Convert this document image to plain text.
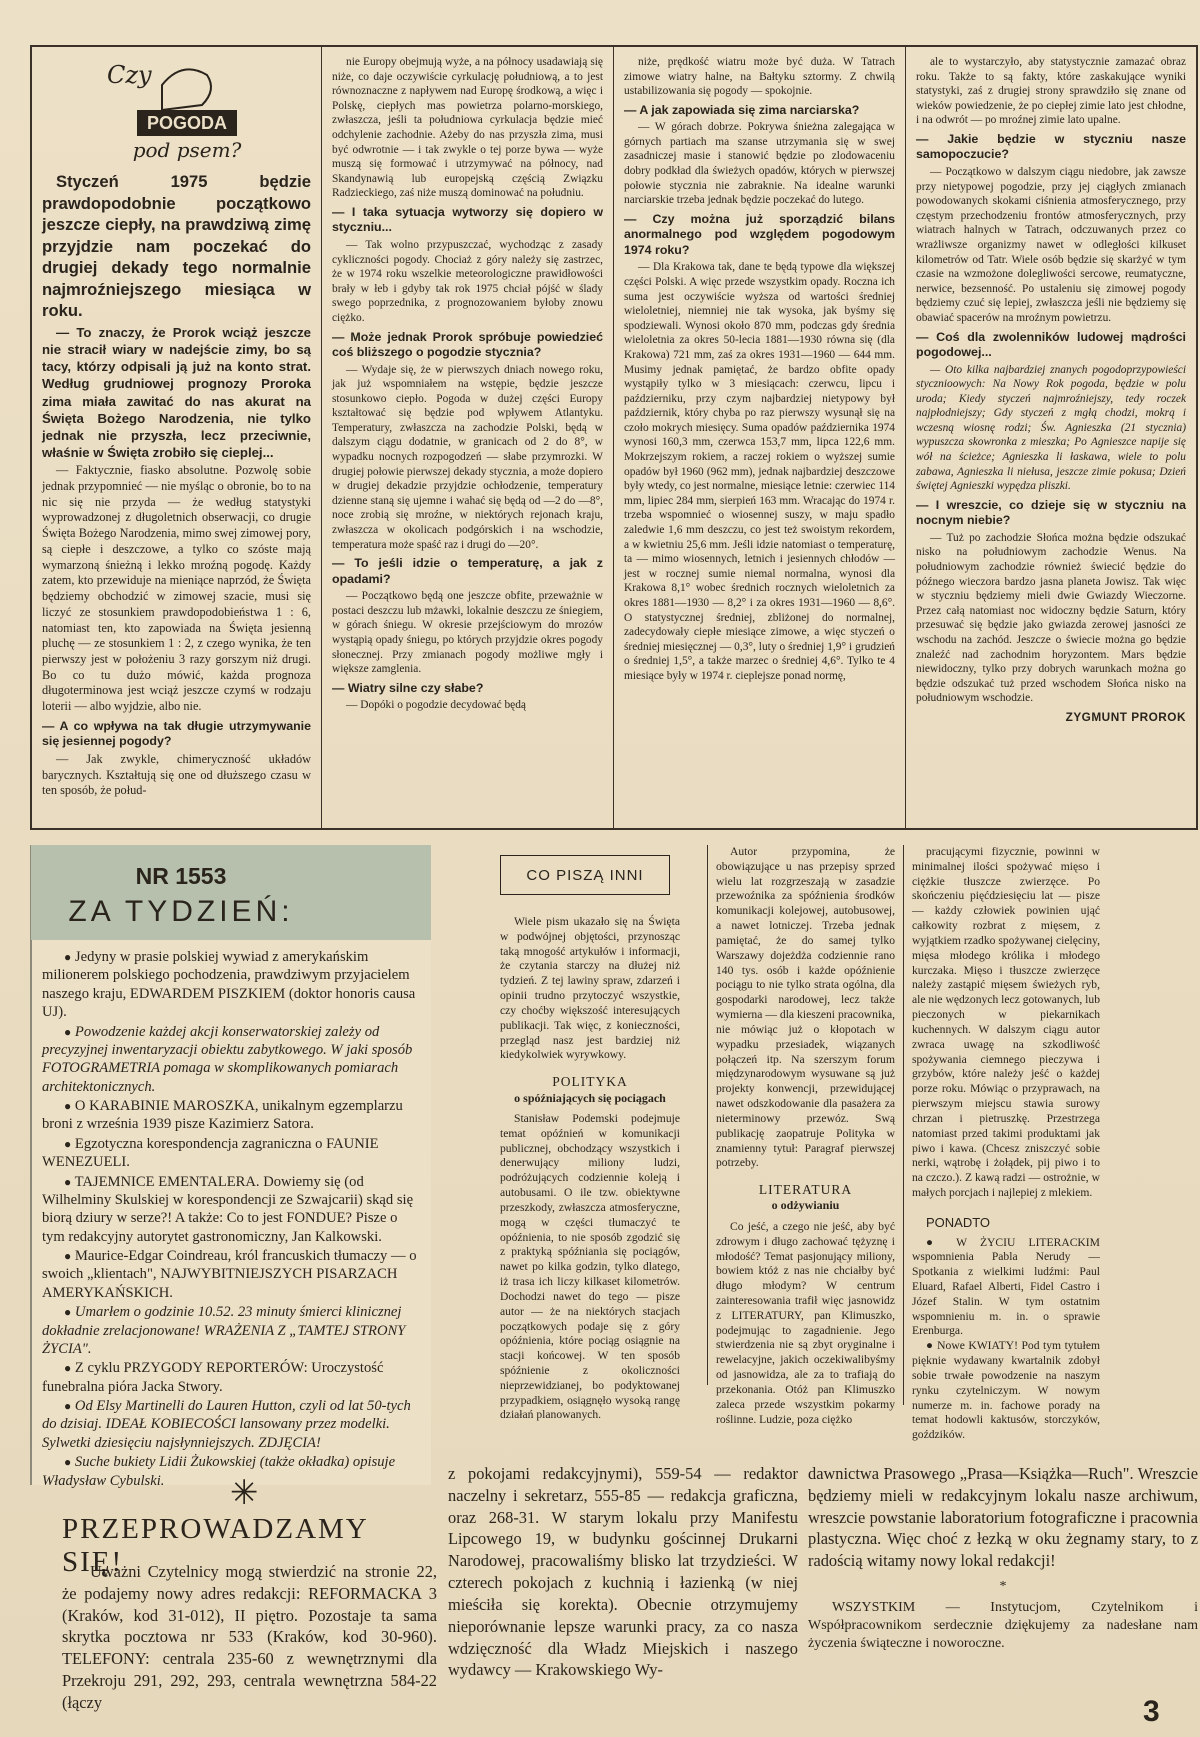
Czy
POGODA
pod psem?

Styczeń 1975 będzie prawdopodobnie początkowo jeszcze ciepły, na prawdziwą zimę przyjdzie nam poczekać do drugiej dekady tego normalnie najmroźniejszego miesiąca w roku.

— To znaczy, że Prorok wciąż jeszcze nie stracił wiary w nadejście zimy, bo są tacy, którzy odpisali ją już na konto strat. Według grudniowej prognozy Proroka zima miała zawitać do nas akurat na Święta Bożego Narodzenia, nie tylko jednak nie przyszła, lecz przeciwnie, właśnie w Święta zrobiło się cieplej...

— Faktycznie, fiasko absolutne. Pozwolę sobie jednak przypomnieć — nie myśląc o obronie, bo to na nic się nie przyda — że według statystyki wyprowadzonej z długoletnich obserwacji, co drugie Święta Bożego Narodzenia, mimo swej zimowej pory, są ciepłe i deszczowe, a tylko co szóste mają wymarzoną śnieżną i lekko mroźną pogodę. Każdy zatem, kto przewiduje na mieniące naprzód, że Święta będziemy obchodzić w zimowej szacie, musi się liczyć ze stosunkiem prawdopodobieństwa 1 : 6, natomiast ten, kto zapowiada na Święta jesienną pluchę — ze stosunkiem 1 : 2, z czego wynika, że ten pierwszy jest w położeniu 3 razy gorszym niż drugi. Bo co tu dużo mówić, każda prognoza długoterminowa jest wciąż jeszcze czymś w rodzaju loterii — albo wyjdzie, albo nie.

— A co wpływa na tak długie utrzymywanie się jesiennej pogody?

— Jak zwykle, chimeryczność układów barycznych. Kształtują się one od dłuższego czasu w ten sposób, że połud-

nie Europy obejmują wyże, a na północy usadawiają się niże, co daje oczywiście cyrkulację południową, a to jest równoznaczne z napływem nad Europę środkową, a więc i Polskę, ciepłych mas powietrza polarno-morskiego, zwłaszcza, jeśli ta południowa cyrkulacja będzie mieć odchylenie zachodnie. Ażeby do nas przyszła zima, musi być odwrotnie — i tak zwykle o tej porze bywa — wyże muszą się formować i utrzymywać na północy, nad Skandynawią lub europejską częścią Związku Radzieckiego, zaś niże muszą dominować na południu.

— I taka sytuacja wytworzy się dopiero w styczniu...

— Tak wolno przypuszczać, wychodząc z zasady cykliczności pogody. Chociaż z góry należy się zastrzec, że w 1974 roku wszelkie meteorologiczne prawidłowości brały w łeb i gdyby tak rok 1975 chciał pójść w ślady swego poprzednika, z prognozowaniem byłoby znowu ciężko.

— Może jednak Prorok spróbuje powiedzieć coś bliższego o pogodzie stycznia?

— Wydaje się, że w pierwszych dniach nowego roku, jak już wspomniałem na wstępie, będzie jeszcze stosunkowo ciepło. Pogoda w dużej części Europy kształtować się będzie pod wpływem Atlantyku. Temperatury, zwłaszcza na zachodzie Polski, będą w dalszym ciągu dodatnie, w granicach od 2 do 8°, w wypadku nocnych rozpogodzeń — słabe przymrozki. W drugiej połowie pierwszej dekady stycznia, a może dopiero w drugiej dekadzie przyjdzie ochłodzenie, temperatury dzienne staną się ujemne i wahać się będą od —2 do —8°, noce zrobią się mroźne, w niektórych rejonach kraju, zwłaszcza w okolicach podgórskich i na wschodzie, temperatura może spaść raz i drugi do —20°.

— To jeśli idzie o temperaturę, a jak z opadami?

— Początkowo będą one jeszcze obfite, przeważnie w postaci deszczu lub mżawki, lokalnie deszczu ze śniegiem, w górach śniegu. W okresie przejściowym do mrozów wystąpią opady śniegu, po których przyjdzie okres pogody słonecznej. Przy zmianach pogody możliwe mgły i większe zamglenia.

— Wiatry silne czy słabe?

— Dopóki o pogodzie decydować będą

niże, prędkość wiatru może być duża. W Tatrach zimowe wiatry halne, na Bałtyku sztormy. Z chwilą ustabilizowania się pogody — spokojnie.

— A jak zapowiada się zima narciarska?

— W górach dobrze. Pokrywa śnieżna zalegająca w górnych partiach ma szanse utrzymania się w swej zasadniczej masie i stanowić będzie po zlodowaceniu dobry podkład dla świeżych opadów, których w pierwszej połowie stycznia nie zabraknie. Na idealne warunki narciarskie trzeba jednak będzie poczekać do lutego.

— Czy można już sporządzić bilans anormalnego pod względem pogodowym 1974 roku?

— Dla Krakowa tak, dane te będą typowe dla większej części Polski. A więc przede wszystkim opady. Roczna ich suma jest oczywiście wyższa od wartości średniej wieloletniej, niemniej nie tak wysoka, jak byśmy się spodziewali. Wynosi około 870 mm, podczas gdy średnia wieloletnia za okres 50-lecia 1881—1930 równa się (dla Krakowa) 721 mm, zaś za okres 1931—1960 — 644 mm. Musimy jednak pamiętać, że bardzo obfite opady wystąpiły tylko w 3 miesiącach: czerwcu, lipcu i październiku, przy czym najbardziej nietypowy był październik, który chyba po raz pierwszy wysunął się na czoło mokrych miesięcy. Suma opadów października 1974 wynosi 160,3 mm, czerwca 153,7 mm, lipca 122,6 mm. Mokrzejszym rokiem, a raczej rokiem o wyższej sumie opadów był 1960 (962 mm), jednak najbardziej deszczowe były wtedy, co jest normalne, miesiące letnie: czerwiec 114 mm, lipiec 284 mm, sierpień 163 mm. Wracając do 1974 r. trzeba wspomnieć o wiosennej suszy, w maju spadło zaledwie 1,6 mm deszczu, co jest też swoistym rekordem, a w kwietniu 25,6 mm. Jeśli idzie natomiast o temperaturę, ta — mimo wiosennych, letnich i jesiennych chłodów — jest w rocznej sumie niemal normalna, wynosi dla Krakowa 8,1° wobec średnich rocznych wieloletnich za okres 1881—1930 — 8,2° i za okres 1931—1960 — 8,6°. O statystycznej średniej, zbliżonej do normalnej, zadecydowały ciepłe miesiące zimowe, a więc styczeń o średniej miesięcznej — 0,3°, luty o średniej 1,9° i grudzień o średniej 1,5°, a także marzec o średniej 4,6°. Tylko te 4 miesiące były w 1974 r. cieplejsze ponad normę,

ale to wystarczyło, aby statystycznie zamazać obraz roku. Także to są fakty, które zaskakujące wyniki statystyki, zaś z drugiej strony sprawdziło się znane od wieków powiedzenie, że po ciepłej zimie lato jest chłodne, i na odwrót — po mroźnej zimie lato upalne.

— Jakie będzie w styczniu nasze samopoczucie?

— Początkowo w dalszym ciągu niedobre, jak zawsze przy nietypowej pogodzie, przy jej ciągłych zmianach powodowanych skokami ciśnienia atmosferycznego, przy częstym przechodzeniu frontów atmosferycznych, przy wiatrach halnych w Tatrach, odczuwanych przez co wrażliwsze organizmy nawet w odległości kilkuset kilometrów od Tatr. Wiele osób będzie się skarżyć w tym czasie na wzmożone dolegliwości sercowe, reumatyczne, nerwice, bezsenność. Po ustaleniu się zimowej pogody będziemy czuć się lepiej, zwłaszcza jeśli nie będziemy się obawiać spacerów na mroźnym powietrzu.

— Coś dla zwolenników ludowej mądrości pogodowej...

— Oto kilka najbardziej znanych pogodoprzypowieści stycznioowych: Na Nowy Rok pogoda, będzie w polu uroda; Kiedy styczeń najmroźniejszy, tedy roczek najpłodniejszy; Gdy styczeń z mgłą chodzi, mokrą i wczesną wiosnę rodzi; Św. Agnieszka (21 stycznia) wypuszcza skowronka z mieszka; Po Agnieszce napije się wół na ścieżce; Agnieszka li łaskawa, wiele to polu zabawa, Agnieszka li niełusa, jeszcze zimie pokusa; Dzień świętej Agnieszki wypędza pliszki.

— I wreszcie, co dzieje się w styczniu na nocnym niebie?

— Tuż po zachodzie Słońca można będzie odszukać nisko na południowym zachodzie Wenus. Na południowym zachodzie również świecić będzie do późnego wieczora bardzo jasna planeta Jowisz. Tak więc w styczniu będziemy mieli dwie Gwiazdy Wieczorne. Przez całą natomiast noc widoczny będzie Saturn, który przesuwać się będzie jako gwiazda zerowej jasności ze wschodu na zachód. Jeszcze o świecie można go będzie znaleźć nad zachodnim horyzontem. Mars będzie niewidoczny, tylko przy dobrych warunkach można go będzie odszukać tuż przed wschodem Słońca nisko na południowym wschodzie.

ZYGMUNT PROROK

NR 1553
ZA TYDZIEŃ:

● Jedyny w prasie polskiej wywiad z amerykańskim milionerem polskiego pochodzenia, prawdziwym przyjacielem naszego kraju, EDWARDEM PISZKIEM (doktor honoris causa UJ).

● Powodzenie każdej akcji konserwatorskiej zależy od precyzyjnej inwentaryzacji obiektu zabytkowego. W jaki sposób FOTOGRAMETRIA pomaga w skomplikowanych pomiarach architektonicznych.

● O KARABINIE MAROSZKA, unikalnym egzemplarzu broni z września 1939 pisze Kazimierz Satora.

● Egzotyczna korespondencja zagraniczna o FAUNIE WENEZUELI.

● TAJEMNICE EMENTALERA. Dowiemy się (od Wilhelminy Skulskiej w korespondencji ze Szwajcarii) skąd się biorą dziury w serze?! A także: Co to jest FONDUE? Pisze o tym redakcyjny autorytet gastronomiczny, Jan Kalkowski.

● Maurice-Edgar Coindreau, król francuskich tłumaczy — o swoich „klientach", NAJWYBITNIEJSZYCH PISARZACH AMERYKAŃSKICH.

● Umarłem o godzinie 10.52. 23 minuty śmierci klinicznej dokładnie zrelacjonowane! WRAŻENIA Z „TAMTEJ STRONY ŻYCIA".

● Z cyklu PRZYGODY REPORTERÓW: Uroczystość funebralna pióra Jacka Stwory.

● Od Elsy Martinelli do Lauren Hutton, czyli od lat 50-tych do dzisiaj. IDEAŁ KOBIECOŚCI lansowany przez modelki. Sylwetki dziesięciu najsłynniejszych. ZDJĘCIA!

● Suche bukiety Lidii Żukowskiej (także okładka) opisuje Władysław Cybulski.	✳
PRZEPROWADZAMY SIĘ!
Uważni Czytelnicy mogą stwierdzić na stronie 22, że podajemy nowy adres redakcji: REFORMACKA 3 (Kraków, kod 31-012), II piętro. Pozostaje ta sama skrytka pocztowa nr 533 (Kraków, kod 30-960). TELEFONY: centrala 235-60 z wewnętrznymi dla Przekroju 291, 292, 293, centrala wewnętrzna 584-22 (łączy
z pokojami redakcyjnymi), 559-54 — redaktor naczelny i sekretarz, 555-85 — redakcja graficzna, oraz 268-31. W starym lokalu przy Manifestu Lipcowego 19, w budynku gościnnej Drukarni Narodowej, pracowaliśmy blisko lat trzydzieści. W czterech pokojach z kuchnią i łazienką (w niej mieściła się korekta). Obecnie otrzymujemy nieporównanie lepsze warunki pracy, za co nasza wdzięczność dla Władz Miejskich i naszego wydawcy — Krakowskiego Wy-
dawnictwa Prasowego „Prasa—Książka—Ruch". Wreszcie będziemy mieli w redakcyjnym lokalu nasze archiwum, wreszcie powstanie laboratorium fotograficzne i pracownia plastyczna. Więc choć z łezką w oku żegnamy stary, to z radością witamy nowy lokal redakcji!
*
WSZYSTKIM — Instytucjom, Czytelnikom i Współpracownikom serdecznie dziękujemy za nadesłane nam życzenia świąteczne i noworoczne.
CO PISZĄ INNI

Wiele pism ukazało się na Święta w podwójnej objętości, przynosząc taką mnogość artykułów i informacji, że czytania starczy na dłużej niż tydzień. Z tej lawiny spraw, zdarzeń i opinii trudno przytoczyć wszystkie, czy choćby większość interesujących publikacji. Tak więc, z konieczności, przegląd nasz jest bardziej niż kiedykolwiek wyrywkowy.

POLITYKA

o spóźniających się pociągach

Stanisław Podemski podejmuje temat opóźnień w komunikacji publicznej, obchodzący wszystkich i denerwujący miliony ludzi, podróżujących codziennie koleją i autobusami. O ile tzw. obiektywne przeszkody, zwłaszcza atmosferyczne, mogą w części tłumaczyć te opóźnienia, to nie sposób zgodzić się z praktyką spóźniania się pociągów, nawet po kilka godzin, tylko dlatego, iż trasa ich liczy kilkaset kilometrów. Dochodzi nawet do tego — pisze autor — że na niektórych stacjach początkowych podaje się z góry opóźnienia, które pociąg osiągnie na stacji końcowej. W ten sposób spóźnienie z okoliczności nieprzewidzianej, bo podyktowanej przypadkiem, osiągnęło wysoką rangę działań planowanych.

Autor przypomina, że obowiązujące u nas przepisy sprzed wielu lat rozgrzeszają w zasadzie przewoźnika za spóźnienia środków komunikacji kolejowej, autobusowej, a nawet lotniczej. Trzeba jednak pamiętać, że do samej tylko Warszawy dojeżdża codziennie rano 140 tys. osób i każde opóźnienie pociągu to nie tylko strata ogólna, dla gospodarki narodowej, lecz także wymierna — dla kieszeni pracownika, nie mówiąc już o kłopotach w wypadku przesiadek, wiązanych połączeń itp. Na szerszym forum międzynarodowym wysuwane są już projekty konwencji, przewidującej nawet odszkodowanie dla pasażera za nieterminowy przewóz. Swą publikację zaopatruje Polityka w znamienny tytuł: Paragraf pierwszej potrzeby.

LITERATURA

o odżywianiu

Co jeść, a czego nie jeść, aby być zdrowym i długo zachować tężyznę i młodość? Temat pasjonujący miliony, bowiem któż z nas nie chciałby być długo młodym? W centrum zainteresowania trafił więc jasnowidz z LITERATURY, pan Klimuszko, podejmując to zagadnienie. Jego stwierdzenia nie są zbyt oryginalne i rewelacyjne, jakich oczekiwalibyśmy od jasnowidza, ale za to trafiają do przekonania. Otóż pan Klimuszko zaleca przede wszystkim pokarmy roślinne. Ludzie, poza ciężko

pracującymi fizycznie, powinni w minimalnej ilości spożywać mięso i ciężkie tłuszcze zwierzęce. Po skończeniu pięćdziesięciu lat — pisze — każdy człowiek powinien ująć całkowity rozbrat z mięsem, z wyjątkiem rzadko spożywanej cielęciny, mięsa młodego królika i młodego kurczaka. Mięso i tłuszcze zwierzęce należy zastąpić mięsem świeżych ryb, ale nie wędzonych lecz gotowanych, lub pieczonych w piekarnikach kuchennych. W dalszym ciągu autor zwraca uwagę na szkodliwość spożywania ciemnego pieczywa i grzybów, które należy jeść o każdej porze roku. Mówiąc o przyprawach, na pierwszym miejscu stawia surowy chrzan i pietruszkę. Przestrzega natomiast przed takimi produktami jak piwo i kawa. (Chcesz zniszczyć sobie nerki, wątrobę i żołądek, pij piwo i to na czczo.). Z kawą radzi — ostrożnie, w małych porcjach i najlepiej z mlekiem.

PONADTO

● W ŻYCIU LITERACKIM wspomnienia Pabla Nerudy — Spotkania z wielkimi ludźmi: Paul Eluard, Rafael Alberti, Fidel Castro i Józef Stalin. W tym ostatnim wspomnieniu m. in. o sprawie Erenburga.

● Nowe KWIATY! Pod tym tytułem pięknie wydawany kwartalnik zdobył sobie trwałe powodzenie na naszym rynku czytelniczym. W nowym numerze m. in. fachowe porady na temat hodowli kaktusów, storczyków, goździków.

3
